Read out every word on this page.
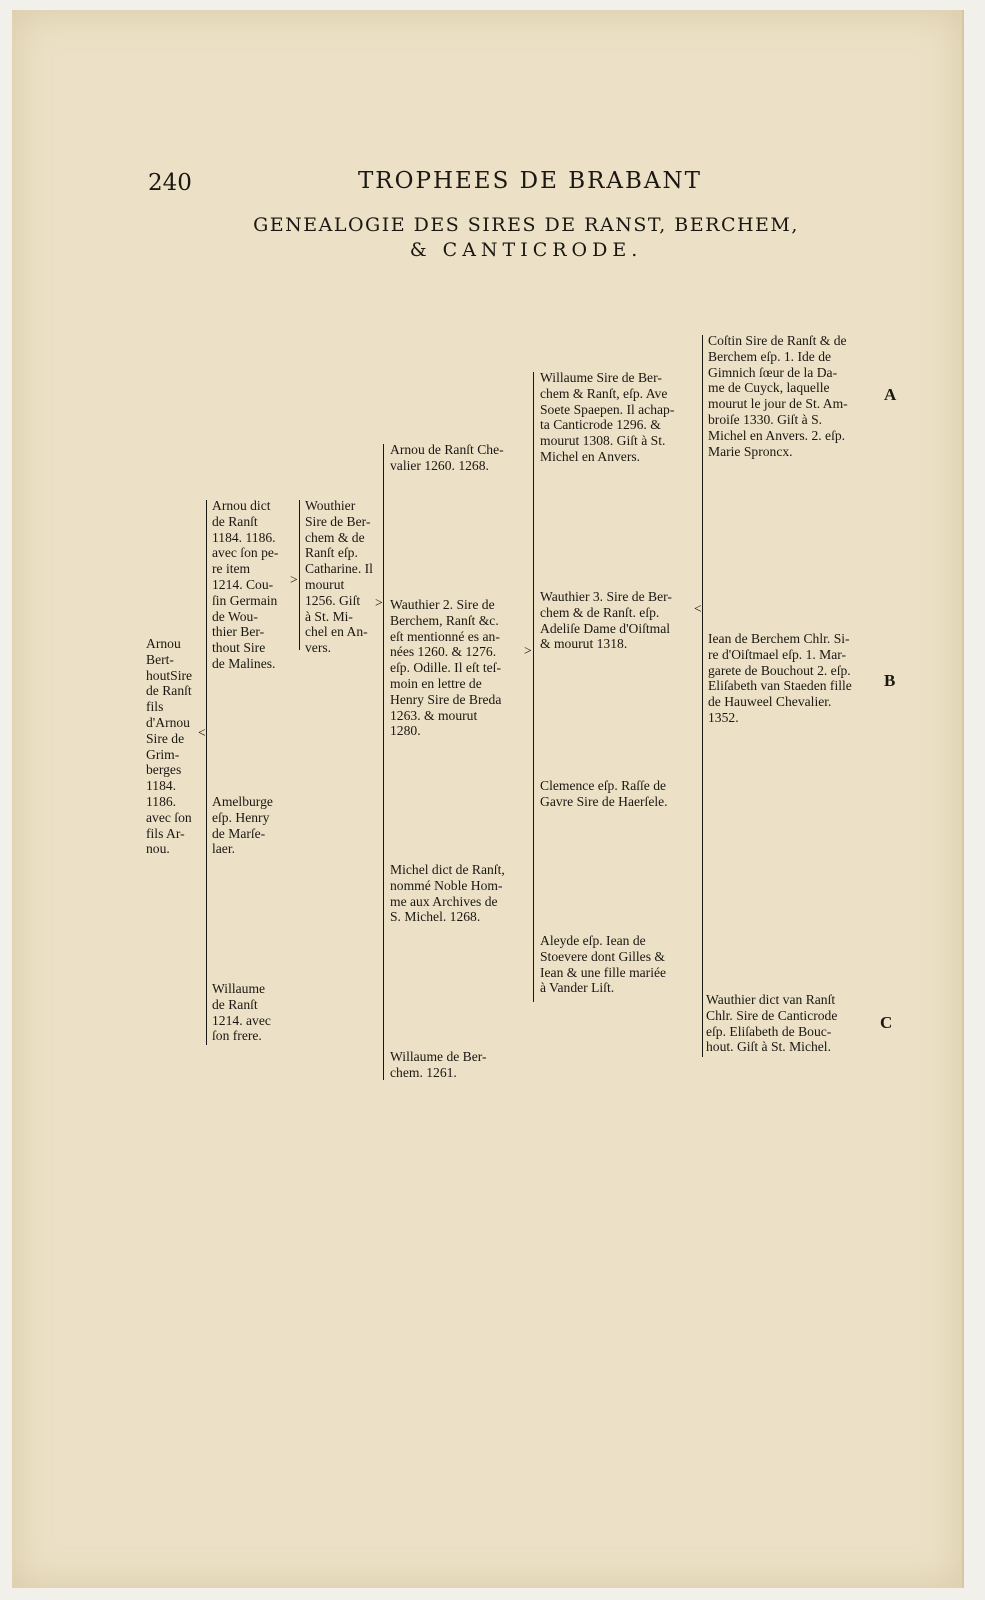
240	TROPHEES DE BRABANT
GENEALOGIE DES SIRES DE RANST, BERCHEM,
& CANTICRODE.
Arnou
Bert-
houtSire
de Ranſt
fils
d'Arnou
Sire de
Grim-
berges
1184.
1186.
avec ſon
fils Ar-
nou.
<
Arnou dict
de Ranſt
1184. 1186.
avec ſon pe-
re item
1214. Cou-
ſin Germain
de Wou-
thier Ber-
thout Sire
de Malines.
Amelburge
eſp. Henry
de Marſe-
laer.
Willaume
de Ranſt
1214. avec
ſon frere.
>
Wouthier
Sire de Ber-
chem & de
Ranſt eſp.
Catharine. Il
mourut
1256. Giſt
à St. Mi-
chel en An-
vers.
>
Arnou de Ranſt Che-
valier 1260. 1268.
Wauthier 2. Sire de
Berchem, Ranſt &c.
eſt mentionné es an-
nées 1260. & 1276.
eſp. Odille. Il eſt teſ-
moin en lettre de
Henry Sire de Breda
1263. & mourut
1280.
Michel dict de Ranſt,
nommé Noble Hom-
me aux Archives de
S. Michel. 1268.
Willaume de Ber-
chem. 1261.
>
Willaume Sire de Ber-
chem & Ranſt, eſp. Ave
Soete Spaepen. Il achap-
ta Canticrode 1296. &
mourut 1308. Giſt à St.
Michel en Anvers.
Wauthier 3. Sire de Ber-
chem & de Ranſt. eſp.
Adeliſe Dame d'Oiſtmal
& mourut 1318.
Clemence eſp. Raſſe de
Gavre Sire de Haerſele.
Aleyde eſp. Iean de
Stoevere dont Gilles &
Iean & une fille mariée
à Vander Liſt.
<
Coſtin Sire de Ranſt & de
Berchem eſp. 1. Ide de
Gimnich ſœur de la Da-
me de Cuyck, laquelle
mourut le jour de St. Am-
broiſe 1330. Giſt à S.
Michel en Anvers. 2. eſp.
Marie Sproncx.
Iean de Berchem Chlr. Si-
re d'Oiſtmael eſp. 1. Mar-
garete de Bouchout 2. eſp.
Eliſabeth van Staeden fille
de Hauweel Chevalier.
1352.
Wauthier dict van Ranſt
Chlr. Sire de Canticrode
eſp. Eliſabeth de Bouc-
hout. Giſt à St. Michel.
A
B
C
